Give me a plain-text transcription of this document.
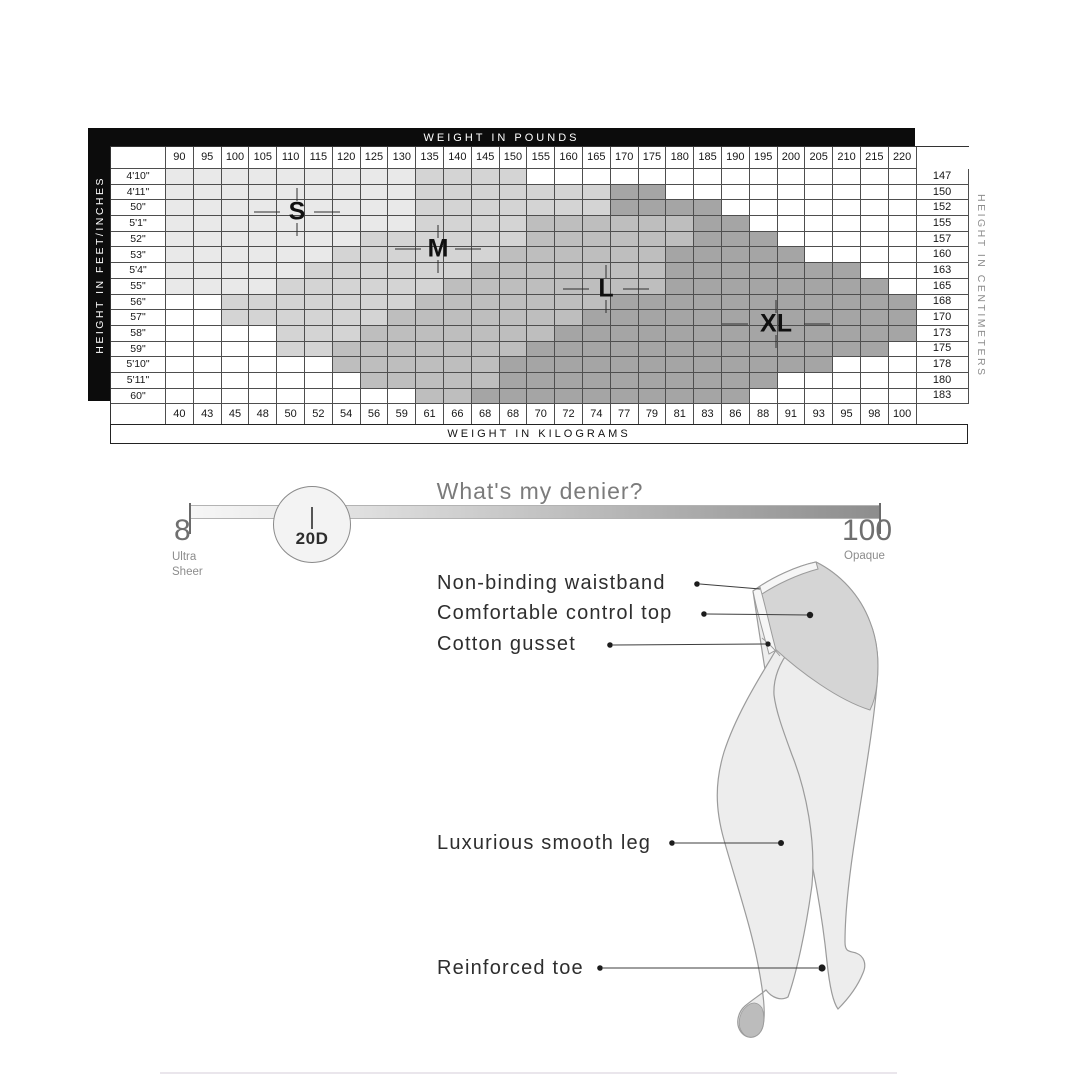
WEIGHT IN POUNDS
HEIGHT IN FEET/INCHES
90	95	100 105 110 115 120 125 130 135 140 145 150 155 160 165 170 175 180 185 190 195 200 205 210 215 220
4'10"	147
4'11"	150
50"	152
5'1"	155
52"	157
53"	160
5'4"	163
55"	165
56"	168
57"	170
58"	173
59"	175
5'10"	178
5'11"	180
60"	183
40	43	45	48	50	52	54	56	59	61	66	68	68	70	72	74	77	79	81	83	86	88	91	93	95	98	100
HEIGHT IN CENTIMETERS
WEIGHT IN KILOGRAMS
S
M
L
XL
What's my denier?
20D
8	100
Ultra Sheer
Opaque
Non-binding waistband
Comfortable control top
Cotton gusset
Luxurious smooth leg
Reinforced toe
